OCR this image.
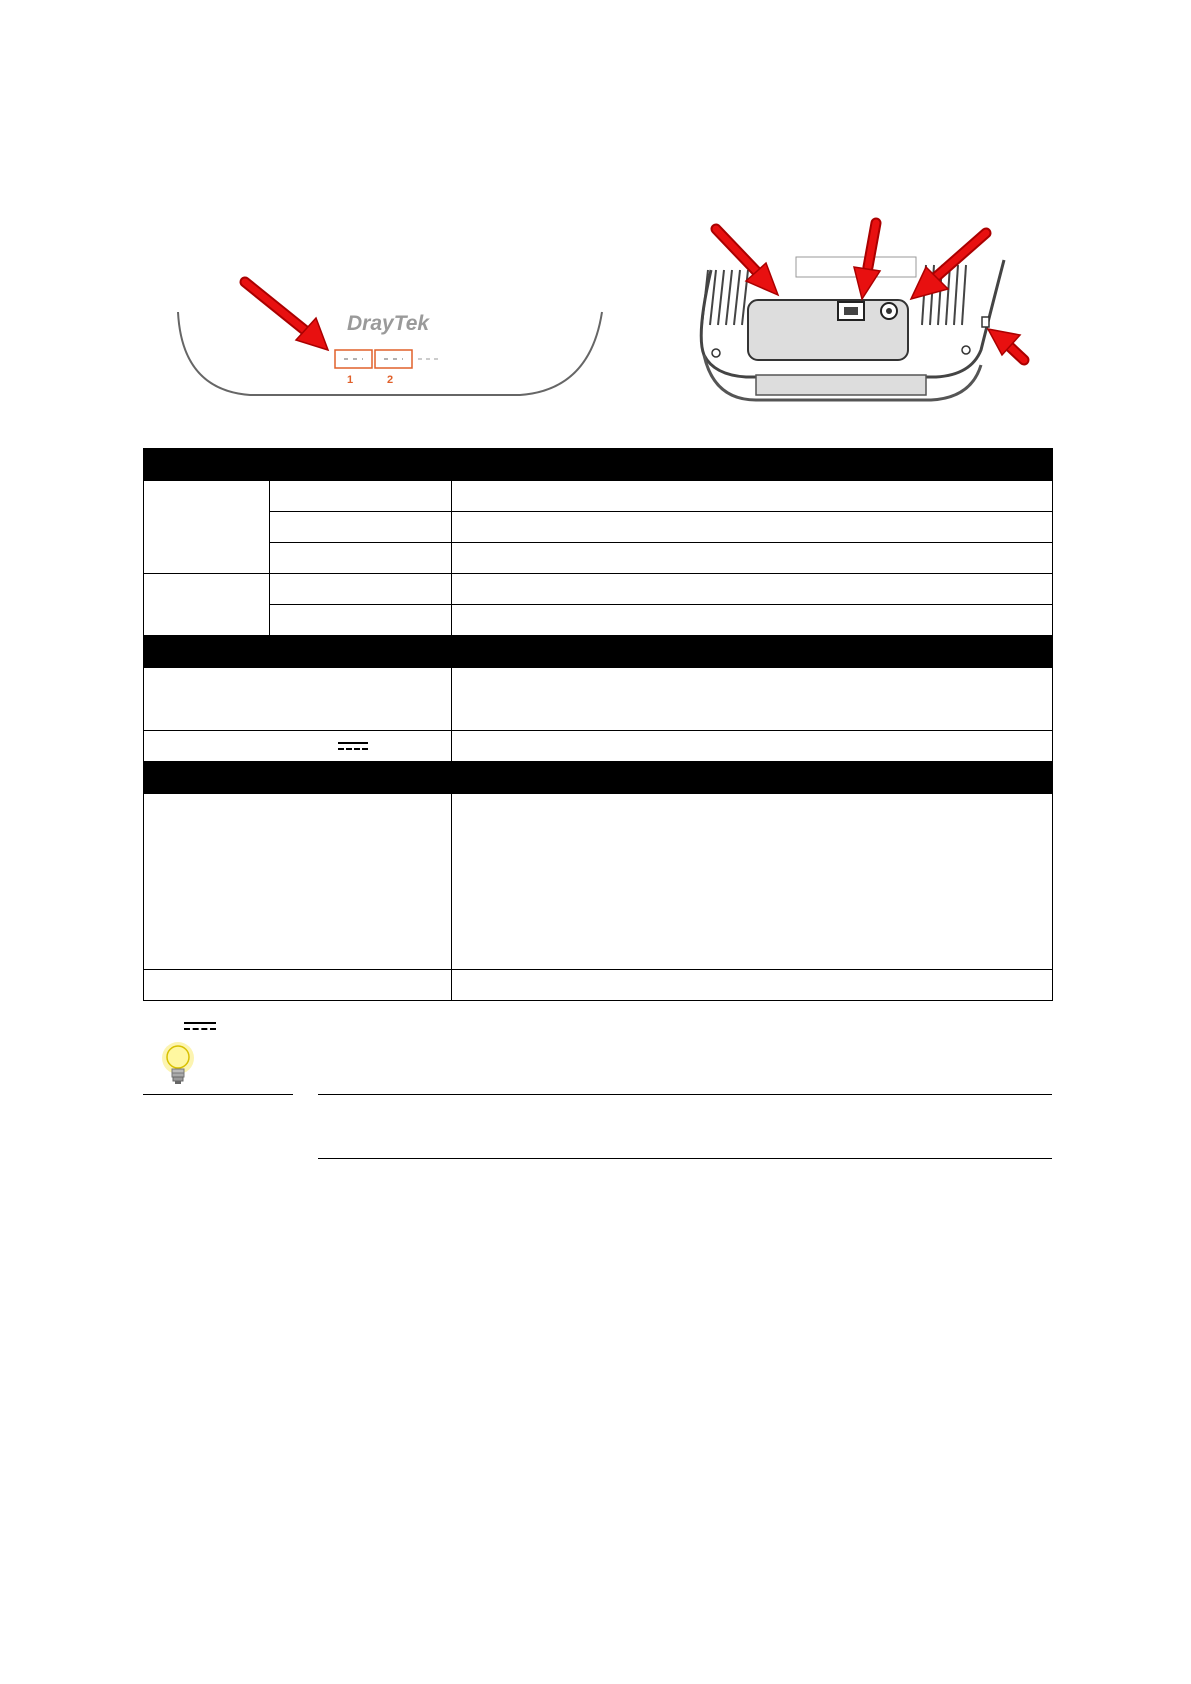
DrayTek
1	2
